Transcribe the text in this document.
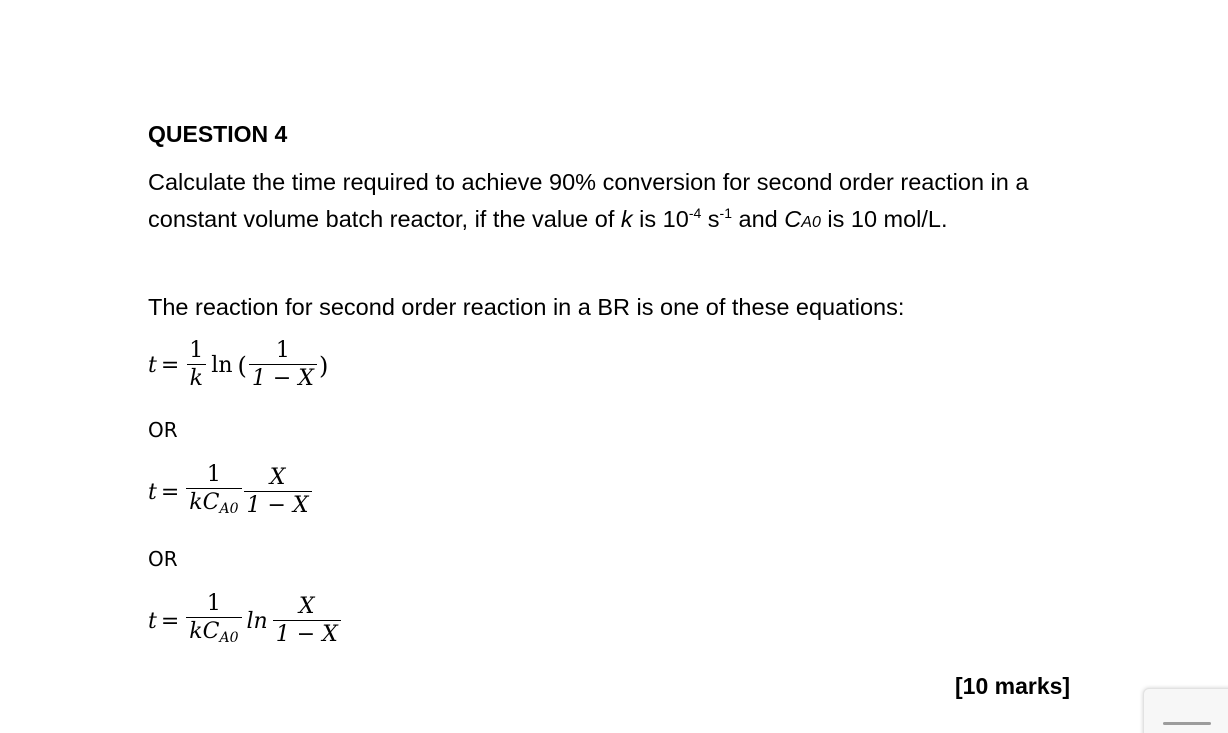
QUESTION 4
Calculate the time required to achieve 90% conversion for second order reaction in a
constant volume batch reactor, if the value of k is $10^{-4}$ $s^{-1}$ and CA0 is 10 mol/L.
The reaction for second order reaction in a BR is one of these equations:
$t = \frac{1}{k}$ ln ( $\frac{1}{1 - X}$ )
OR
$t = \frac{1}{\text{kCA0}} \frac{X}{1 - X}$
OR
$t = \frac{1}{\text{kCA0}}$ $\ln \frac{X}{1 - X}$
[10 marks]
